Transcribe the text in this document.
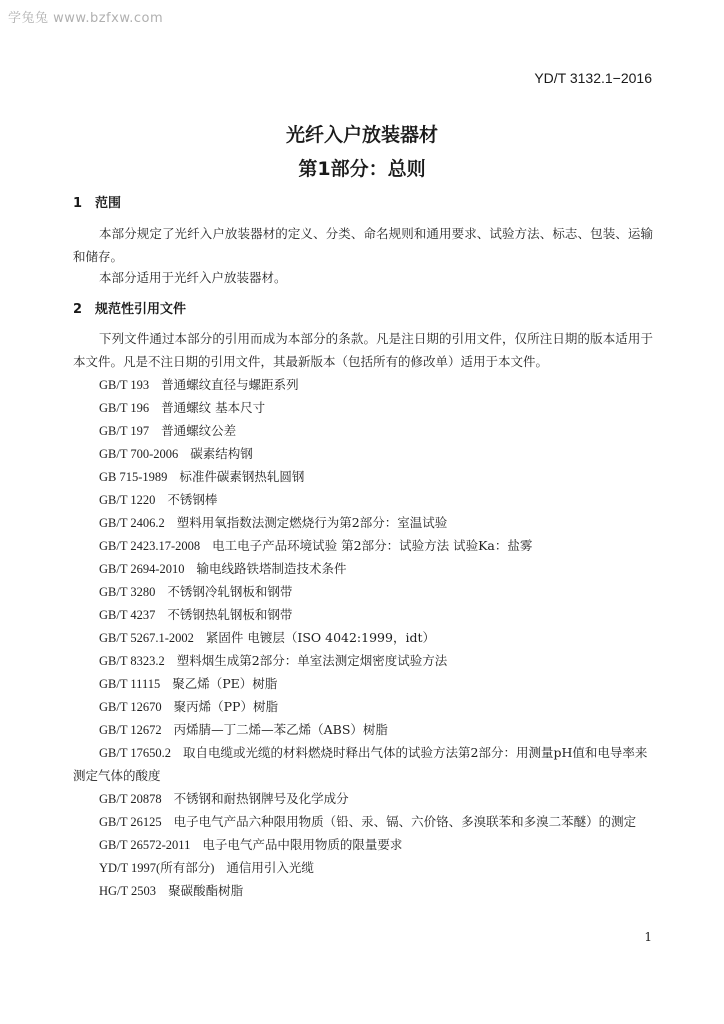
学兔兔 www.bzfxw.com
YD/T 3132.1−2016
光纤入户放装器材
第1部分：总则
1 范围
本部分规定了光纤入户放装器材的定义、分类、命名规则和通用要求、试验方法、标志、包装、运输和储存。
本部分适用于光纤入户放装器材。
2 规范性引用文件
下列文件通过本部分的引用而成为本部分的条款。凡是注日期的引用文件，仅所注日期的版本适用于本文件。凡是不注日期的引用文件，其最新版本（包括所有的修改单）适用于本文件。
GB/T 193 普通螺纹直径与螺距系列
GB/T 196 普通螺纹 基本尺寸
GB/T 197 普通螺纹公差
GB/T 700-2006 碳素结构钢
GB 715-1989 标准件碳素钢热轧圆钢
GB/T 1220 不锈钢棒
GB/T 2406.2 塑料用氧指数法测定燃烧行为第2部分：室温试验
GB/T 2423.17-2008 电工电子产品环境试验 第2部分：试验方法 试验Ka：盐雾
GB/T 2694-2010 输电线路铁塔制造技术条件
GB/T 3280 不锈钢冷轧钢板和钢带
GB/T 4237 不锈钢热轧钢板和钢带
GB/T 5267.1-2002 紧固件 电镀层（ISO 4042:1999，idt）
GB/T 8323.2 塑料烟生成第2部分：单室法测定烟密度试验方法
GB/T 11115 聚乙烯（PE）树脂
GB/T 12670 聚丙烯（PP）树脂
GB/T 12672 丙烯腈—丁二烯—苯乙烯（ABS）树脂
GB/T 17650.2 取自电缆或光缆的材料燃烧时释出气体的试验方法第2部分：用测量pH值和电导率来
测定气体的酸度
GB/T 20878 不锈钢和耐热钢牌号及化学成分
GB/T 26125 电子电气产品六种限用物质（铅、汞、镉、六价铬、多溴联苯和多溴二苯醚）的测定
GB/T 26572-2011 电子电气产品中限用物质的限量要求
YD/T 1997(所有部分) 通信用引入光缆
HG/T 2503 聚碳酸酯树脂
1
